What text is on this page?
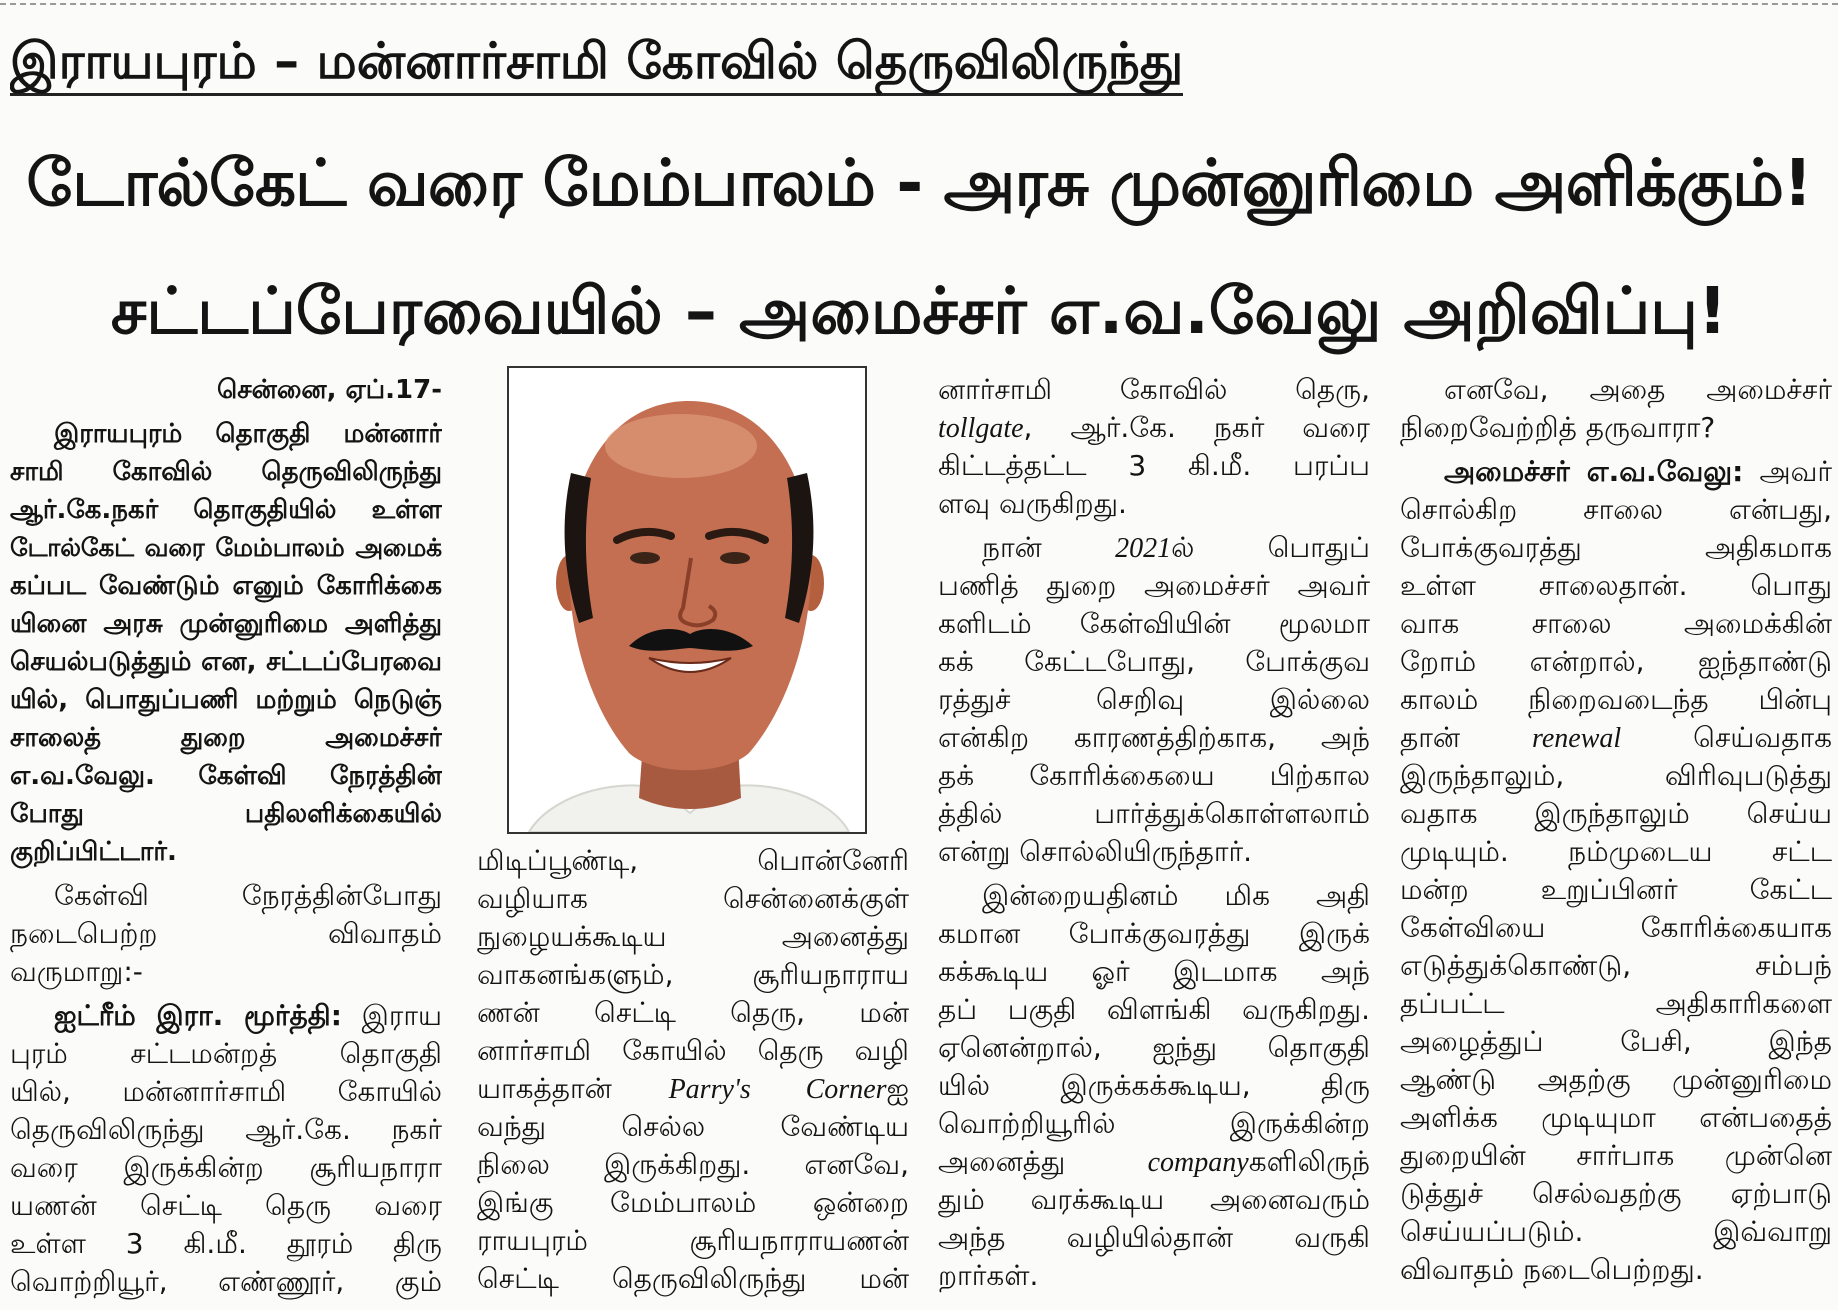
இராயபுரம் – மன்னார்சாமி கோவில் தெருவிலிருந்து
டோல்கேட் வரை மேம்பாலம் - அரசு முன்னுரிமை அளிக்கும்!
சட்டப்பேரவையில் – அமைச்சர் எ.வ.வேலு அறிவிப்பு!
சென்னை, ஏப்.17-
இராயபுரம் தொகுதி மன்னார்
சாமி கோவில் தெருவிலிருந்து
ஆர்.கே.நகர் தொகுதியில் உள்ள
டோல்கேட் வரை மேம்பாலம் அமைக்
கப்பட வேண்டும் எனும் கோரிக்கை
யினை அரசு முன்னுரிமை அளித்து
செயல்படுத்தும் என, சட்டப்பேரவை
யில், பொதுப்பணி மற்றும் நெடுஞ்
சாலைத் துறை அமைச்சர்
எ.வ.வேலு. கேள்வி நேரத்தின்
போது பதிலளிக்கையில்
குறிப்பிட்டார்.
கேள்வி நேரத்தின்போது
நடைபெற்ற விவாதம்
வருமாறு:-
ஐட்ரீம் இரா. மூர்த்தி: இராய
புரம் சட்டமன்றத் தொகுதி
யில், மன்னார்சாமி கோயில்
தெருவிலிருந்து ஆர்.கே. நகர்
வரை இருக்கின்ற சூரியநாரா
யணன் செட்டி தெரு வரை
உள்ள 3 கி.மீ. தூரம் திரு
வொற்றியூர், எண்ணூர், கும்
மிடிப்பூண்டி, பொன்னேரி
வழியாக சென்னைக்குள்
நுழையக்கூடிய அனைத்து
வாகனங்களும், சூரியநாராய
ணன் செட்டி தெரு, மன்
னார்சாமி கோயில் தெரு வழி
யாகத்தான் Parry's Cornerஐ
வந்து செல்ல வேண்டிய
நிலை இருக்கிறது. எனவே,
இங்கு மேம்பாலம் ஒன்றை
ராயபுரம் சூரியநாராயணன்
செட்டி தெருவிலிருந்து மன்
னார்சாமி கோவில் தெரு,
tollgate, ஆர்.கே. நகர் வரை
கிட்டத்தட்ட 3 கி.மீ. பரப்ப
ளவு வருகிறது.
நான் 2021ல் பொதுப்
பணித் துறை அமைச்சர் அவர்
களிடம் கேள்வியின் மூலமா
கக் கேட்டபோது, போக்குவ
ரத்துச் செறிவு இல்லை
என்கிற காரணத்திற்காக, அந்
தக் கோரிக்கையை பிற்கால
த்தில் பார்த்துக்கொள்ளலாம்
என்று சொல்லியிருந்தார்.
இன்றையதினம் மிக அதி
கமான போக்குவரத்து இருக்
கக்கூடிய ஓர் இடமாக அந்
தப் பகுதி விளங்கி வருகிறது.
ஏனென்றால், ஐந்து தொகுதி
யில் இருக்கக்கூடிய, திரு
வொற்றியூரில் இருக்கின்ற
அனைத்து companyகளிலிருந்
தும் வரக்கூடிய அனைவரும்
அந்த வழியில்தான் வருகி
றார்கள்.
எனவே, அதை அமைச்சர்
நிறைவேற்றித் தருவாரா?
அமைச்சர் எ.வ.வேலு: அவர்
சொல்கிற சாலை என்பது,
போக்குவரத்து அதிகமாக
உள்ள சாலைதான். பொது
வாக சாலை அமைக்கின்
றோம் என்றால், ஐந்தாண்டு
காலம் நிறைவடைந்த பின்பு
தான் renewal செய்வதாக
இருந்தாலும், விரிவுபடுத்து
வதாக இருந்தாலும் செய்ய
முடியும். நம்முடைய சட்ட
மன்ற உறுப்பினர் கேட்ட
கேள்வியை கோரிக்கையாக
எடுத்துக்கொண்டு, சம்பந்
தப்பட்ட அதிகாரிகளை
அழைத்துப் பேசி, இந்த
ஆண்டு அதற்கு முன்னுரிமை
அளிக்க முடியுமா என்பதைத்
துறையின் சார்பாக முன்னெ
டுத்துச் செல்வதற்கு ஏற்பாடு
செய்யப்படும். இவ்வாறு
விவாதம் நடைபெற்றது.
